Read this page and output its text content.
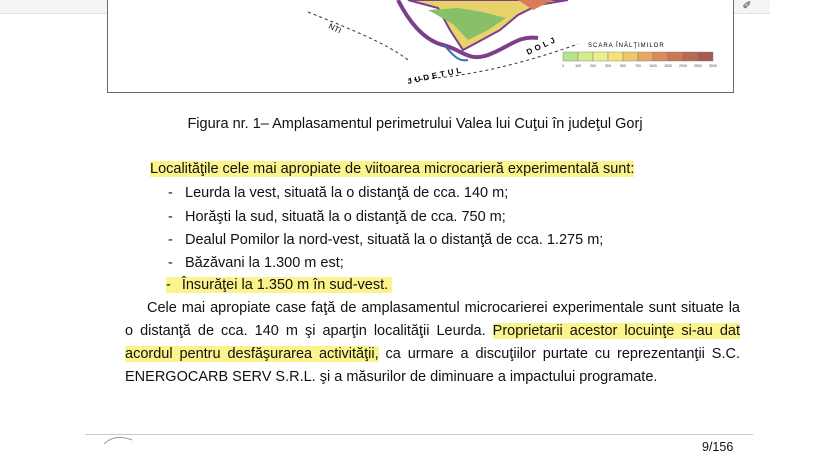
✐
NTI
JUDETUL
DOLJ	SCARA ÎNĂLŢIMILOR
0	100	200	300	500	700 1000 1500 2000 2500 3000
Figura nr. 1– Amplasamentul perimetrului Valea lui Cuţui în judeţul Gorj
Localităţile cele mai apropiate de viitoarea microcarieră experimentală sunt:
- Leurda la vest, situată la o distanţă de cca. 140 m;
- Horăşti la sud, situată la o distanţă de cca. 750 m;
- Dealul Pomilor la nord-vest, situată la o distanţă de cca. 1.275 m;
- Băzăvani la 1.300 m est;
- Însurăţei la 1.350 m în sud-vest.
Cele mai apropiate case faţă de amplasamentul microcarierei experimentale sunt situate la o distanţă de cca. 140 m şi aparţin localităţii Leurda. Proprietarii acestor locuinţe si-au dat acordul pentru desfăşurarea activităţii, ca urmare a discuţiilor purtate cu reprezentanţii S.C. ENERGOCARB SERV S.R.L. şi a măsurilor de diminuare a impactului programate.
9/156
